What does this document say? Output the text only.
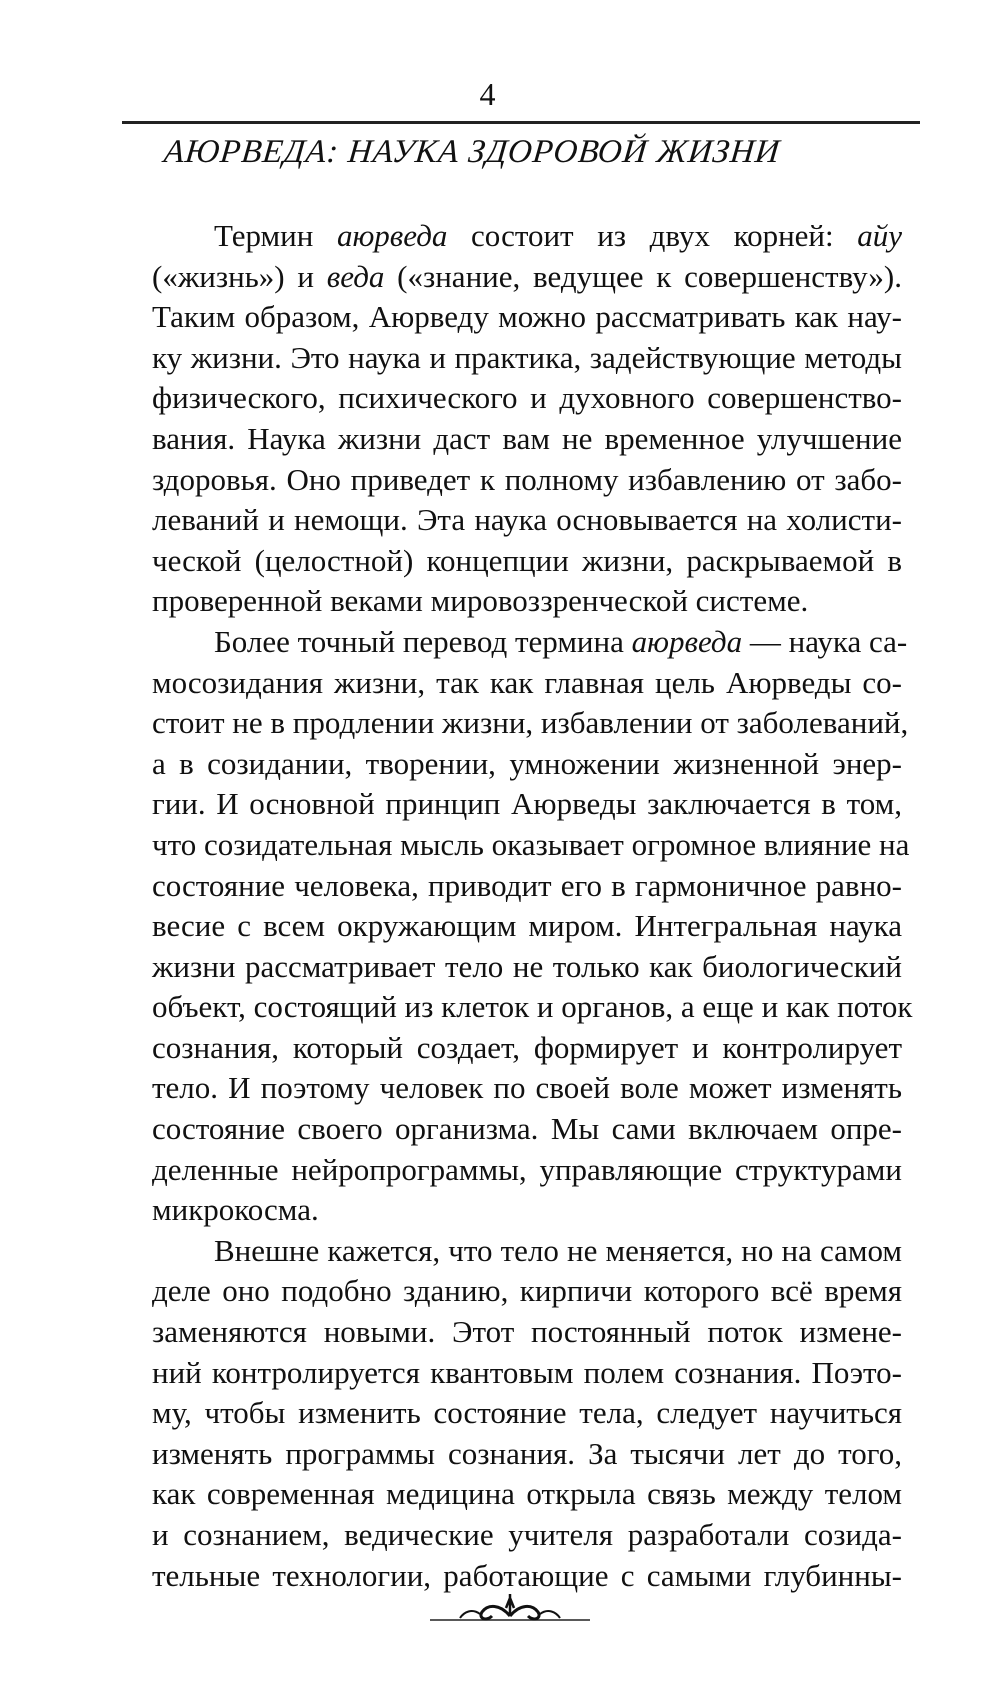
4
АЮРВЕДА: НАУКА ЗДОРОВОЙ ЖИЗНИ
Термин аюрведа состоит из двух корней: айу
(«жизнь») и веда («знание, ведущее к совершенству»).
Таким образом, Аюрведу можно рассматривать как нау-
ку жизни. Это наука и практика, задействующие методы
физического, психического и духовного совершенство-
вания. Наука жизни даст вам не временное улучшение
здоровья. Оно приведет к полному избавлению от забо-
леваний и немощи. Эта наука основывается на холисти-
ческой (целостной) концепции жизни, раскрываемой в
проверенной веками мировоззренческой системе.
Более точный перевод термина аюрведа — наука са-
мосозидания жизни, так как главная цель Аюрведы со-
стоит не в продлении жизни, избавлении от заболеваний,
а в созидании, творении, умножении жизненной энер-
гии. И основной принцип Аюрведы заключается в том,
что созидательная мысль оказывает огромное влияние на
состояние человека, приводит его в гармоничное равно-
весие с всем окружающим миром. Интегральная наука
жизни рассматривает тело не только как биологический
объект, состоящий из клеток и органов, а еще и как поток
сознания, который создает, формирует и контролирует
тело. И поэтому человек по своей воле может изменять
состояние своего организма. Мы сами включаем опре-
деленные нейропрограммы, управляющие структурами
микрокосма.
Внешне кажется, что тело не меняется, но на самом
деле оно подобно зданию, кирпичи которого всё время
заменяются новыми. Этот постоянный поток измене-
ний контролируется квантовым полем сознания. Поэто-
му, чтобы изменить состояние тела, следует научиться
изменять программы сознания. За тысячи лет до того,
как современная медицина открыла связь между телом
и сознанием, ведические учителя разработали созида-
тельные технологии, работающие с самыми глубинны-
